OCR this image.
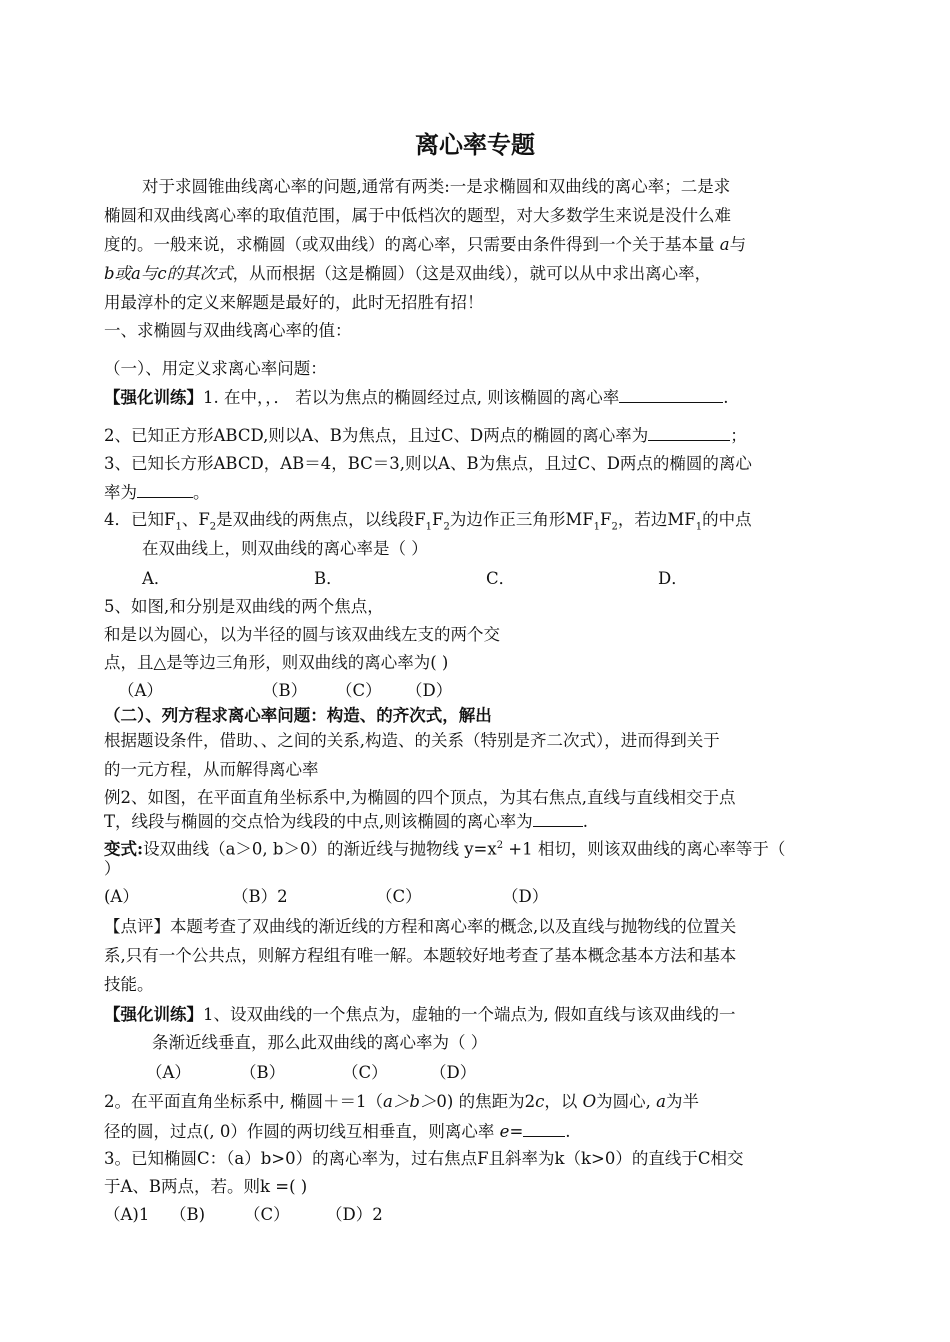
离心率专题
对于求圆锥曲线离心率的问题,通常有两类:一是求椭圆和双曲线的离心率；二是求
椭圆和双曲线离心率的取值范围，属于中低档次的题型，对大多数学生来说是没什么难
度的。一般来说，求椭圆（或双曲线）的离心率，只需要由条件得到一个关于基本量 a与
b或a与c的其次式，从而根据（这是椭圆）（这是双曲线），就可以从中求出离心率，
用最淳朴的定义来解题是最好的，此时无招胜有招！
一、求椭圆与双曲线离心率的值：
（一）、用定义求离心率问题：
【强化训练】1. 在中，，． 若以为焦点的椭圆经过点, 则该椭圆的离心率	.
2、已知正方形ABCD,则以A、B为焦点，且过C、D两点的椭圆的离心率为	；
3、已知长方形ABCD，AB＝4，BC＝3,则以A、B为焦点，且过C、D两点的椭圆的离心
率为	。
4．已知$F_1$、$F_2$是双曲线的两焦点，以线段$F_1F_2$为边作正三角形$MF_1F_2$，若边$MF_1$的中点
在双曲线上，则双曲线的离心率是（ ）
A．	B．	C．	D．
5、如图,和分别是双曲线的两个焦点，
和是以为圆心，以为半径的圆与该双曲线左支的两个交
点，且△是等边三角形，则双曲线的离心率为( )
（A）	（B） （C） （D）
（二）、列方程求离心率问题：构造、的齐次式，解出
根据题设条件，借助、、之间的关系,构造、的关系（特别是齐二次式），进而得到关于
的一元方程，从而解得离心率
例2、如图，在平面直角坐标系中,为椭圆的四个顶点，为其右焦点,直线与直线相交于点
T，线段与椭圆的交点恰为线段的中点,则该椭圆的离心率为	.
变式:设双曲线（a＞0, b＞0）的渐近线与抛物线 $y=x^2 +1$ 相切，则该双曲线的离心率等于（
）
(A）	（B）2	（C）	（D）
【点评】本题考查了双曲线的渐近线的方程和离心率的概念,以及直线与抛物线的位置关
系,只有一个公共点，则解方程组有唯一解。本题较好地考查了基本概念基本方法和基本
技能。
【强化训练】1、设双曲线的一个焦点为，虚轴的一个端点为, 假如直线与该双曲线的一
条渐近线垂直，那么此双曲线的离心率为（ ）
（A）	（B）	（C）	（D）
2。在平面直角坐标系中, 椭圆＋＝1（a＞b＞0) 的焦距为2c，以 O为圆心, a为半
径的圆，过点(, 0）作圆的两切线互相垂直，则离心率 e=	.
3。已知椭圆C：（a）b>0）的离心率为，过右焦点F且斜率为k（k>0）的直线于C相交
于A、B两点，若。则k =( )
（A)1 （B) （C） （D）2
